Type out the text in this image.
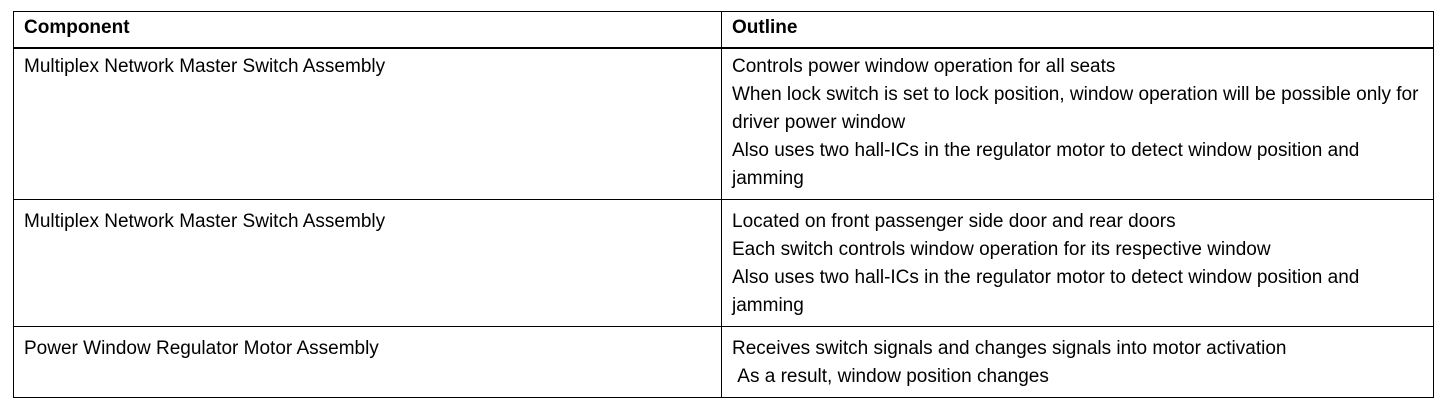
Component	Outline
Multiplex Network Master Switch Assembly	Controls power window operation for all seats
When lock switch is set to lock position, window operation will be possible only for driver power window
Also uses two hall-ICs in the regulator motor to detect window position and jamming

Multiplex Network Master Switch Assembly	Located on front passenger side door and rear doors
Each switch controls window operation for its respective window
Also uses two hall-ICs in the regulator motor to detect window position and jamming

Power Window Regulator Motor Assembly	Receives switch signals and changes signals into motor activation
As a result, window position changes
